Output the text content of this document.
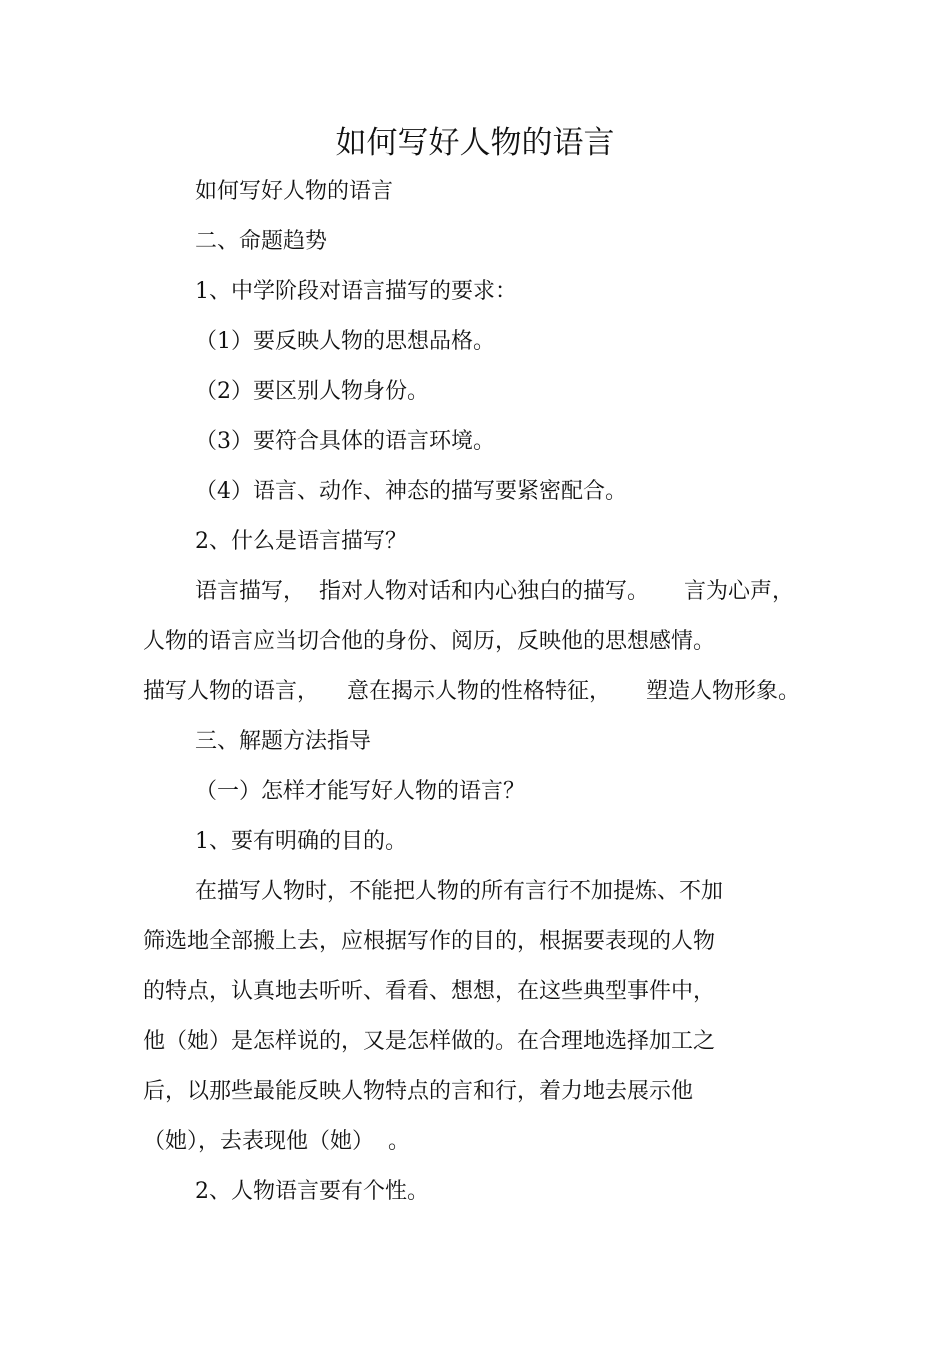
如何写好人物的语言
如何写好人物的语言
二、命题趋势
1、中学阶段对语言描写的要求：
（1）要反映人物的思想品格。
（2）要区别人物身份。
（3）要符合具体的语言环境。
（4）语言、动作、神态的描写要紧密配合。
2、什么是语言描写？
语言描写，  指对人物对话和内心独白的描写。     言为心声，
人物的语言应当切合他的身份、阅历，反映他的思想感情。
描写人物的语言，    意在揭示人物的性格特征，     塑造人物形象。
三、解题方法指导
（一）怎样才能写好人物的语言？
1、要有明确的目的。
在描写人物时，不能把人物的所有言行不加提炼、不加
筛选地全部搬上去，应根据写作的目的，根据要表现的人物
的特点，认真地去听听、看看、想想，在这些典型事件中，
他（她）是怎样说的，又是怎样做的。在合理地选择加工之
后，以那些最能反映人物特点的言和行，着力地去展示他
（她），去表现他（她）  。
2、人物语言要有个性。
